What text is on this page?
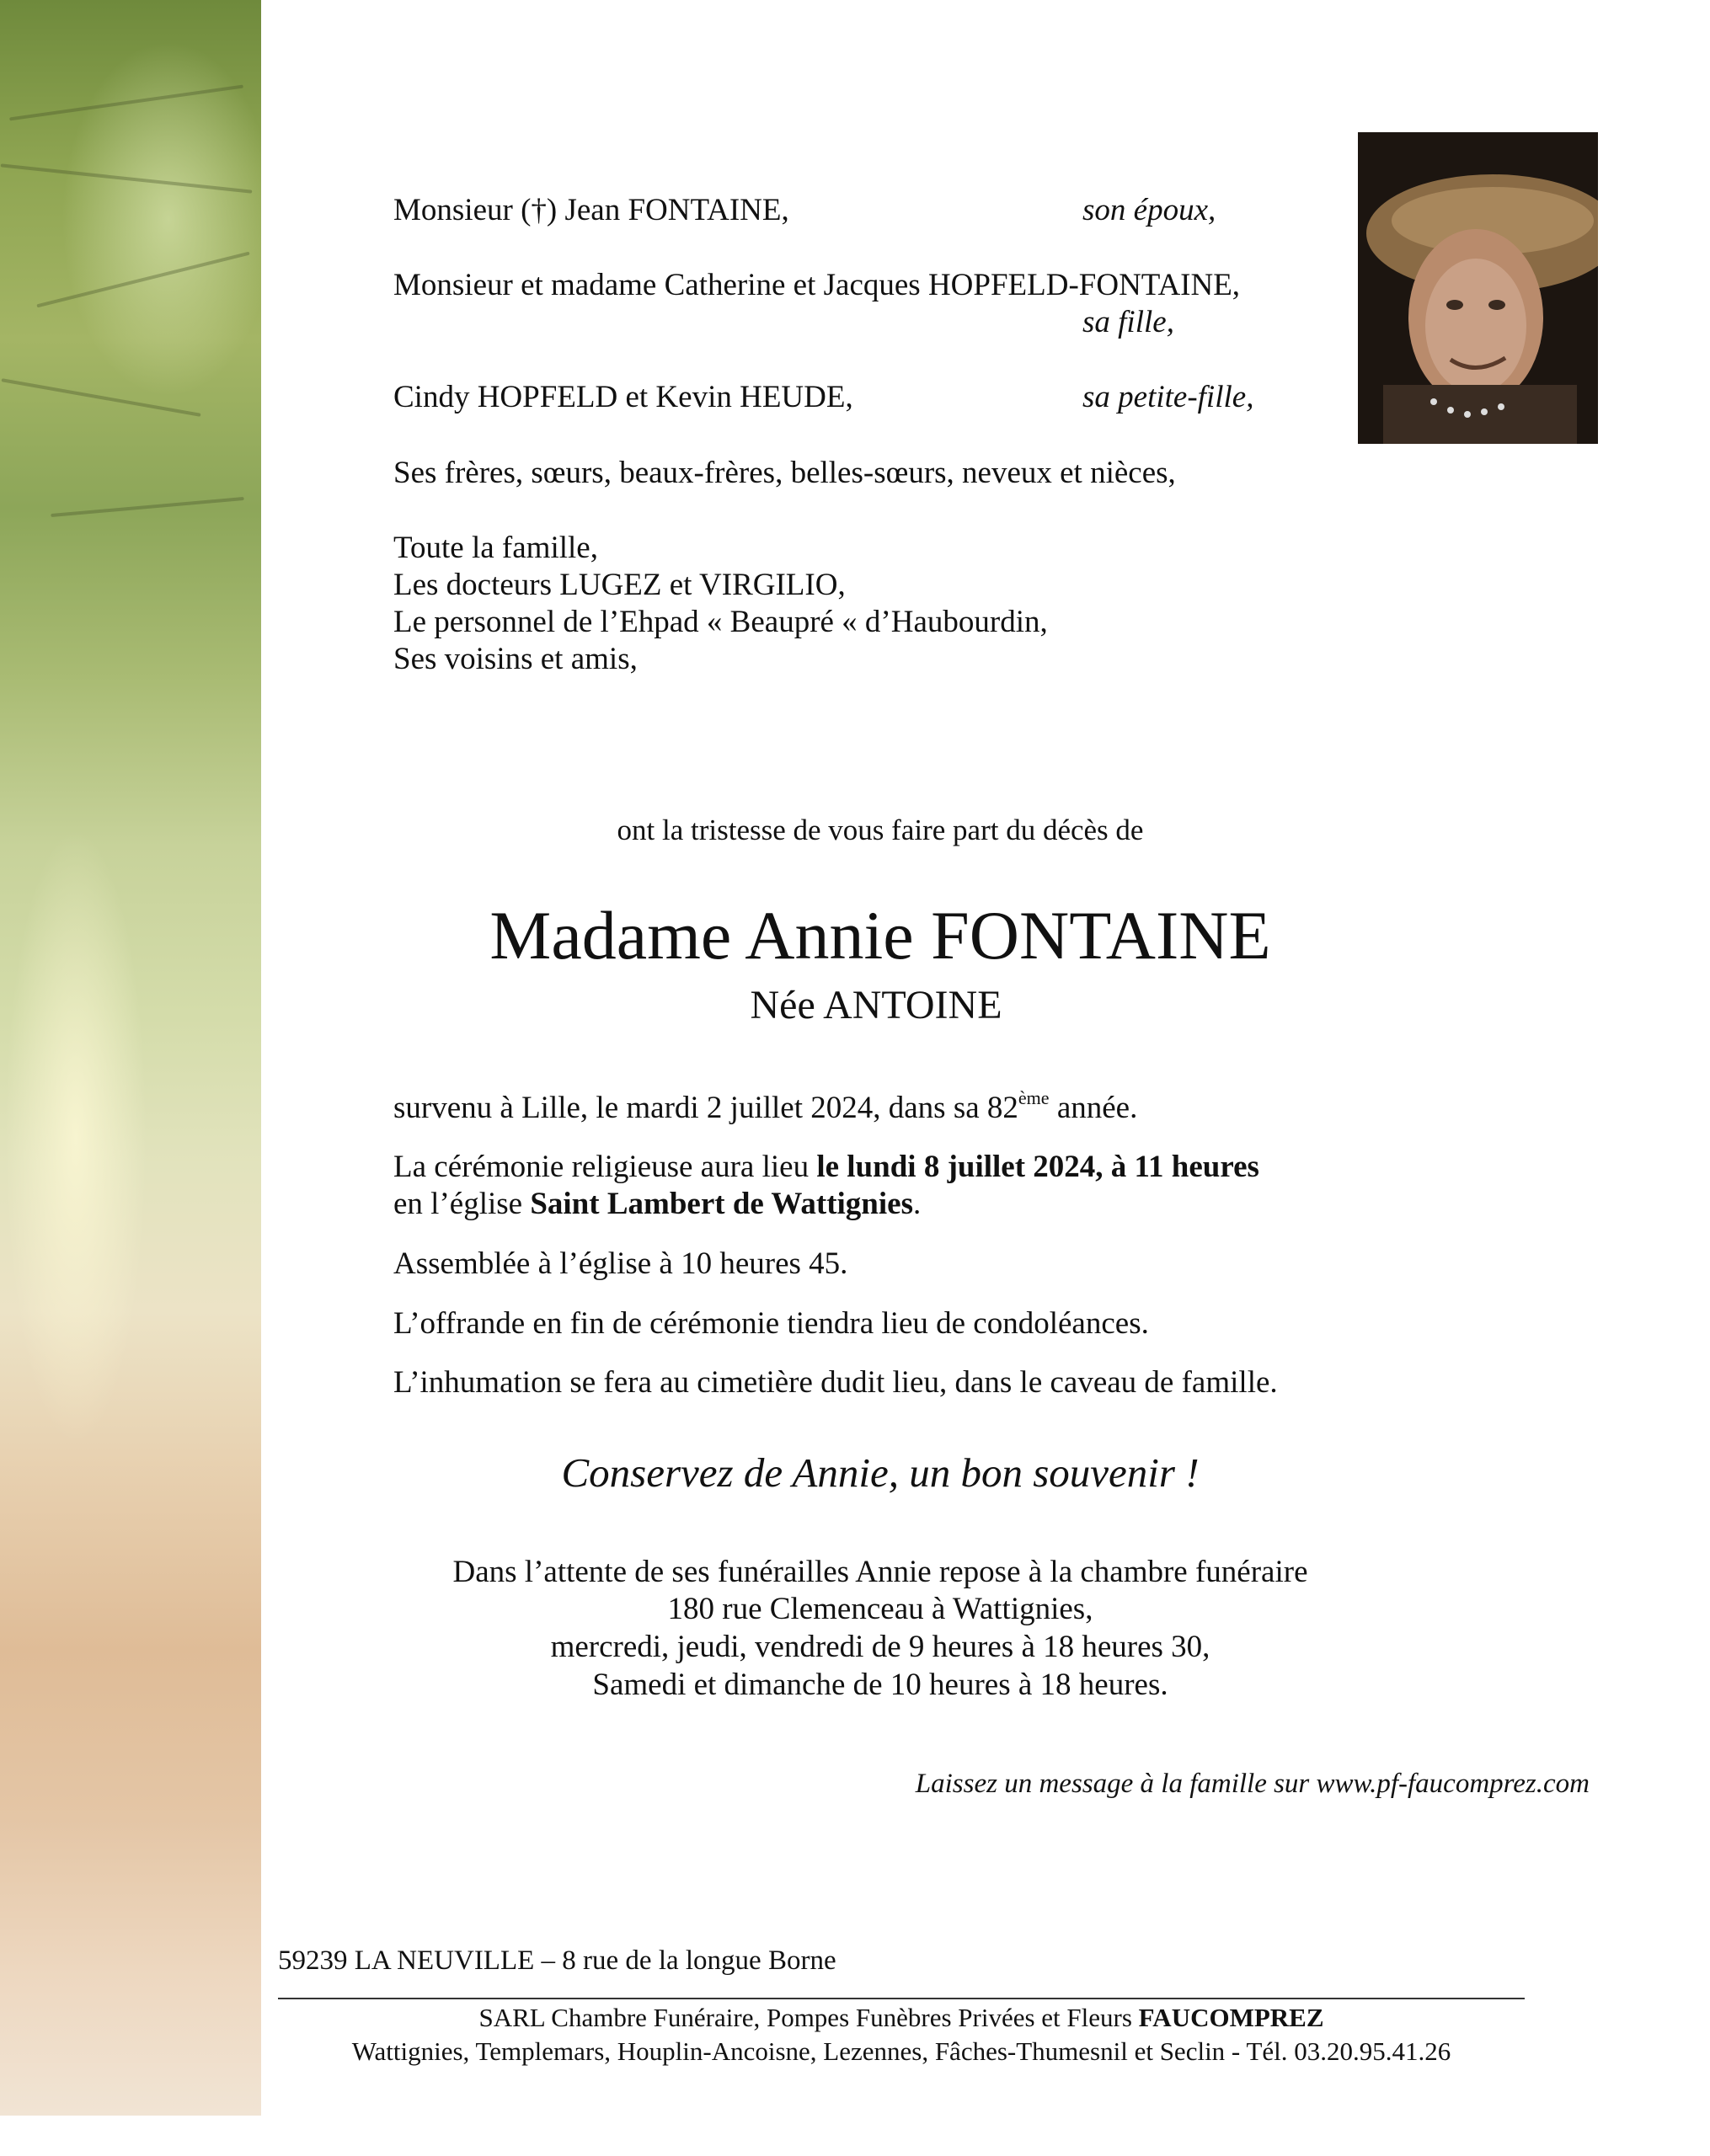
Monsieur (†) Jean FONTAINE,	son époux,
Monsieur et madame Catherine et Jacques HOPFELD-FONTAINE,
sa fille,
Cindy HOPFELD et Kevin HEUDE,	sa petite-fille,
Ses frères, sœurs, beaux-frères, belles-sœurs, neveux et nièces,
Toute la famille,
Les docteurs LUGEZ et VIRGILIO,
Le personnel de l’Ehpad « Beaupré « d’Haubourdin,
Ses voisins et amis,
ont la tristesse de vous faire part du décès de
Madame Annie FONTAINE
Née ANTOINE
survenu à Lille, le mardi 2 juillet 2024, dans sa 82ème année.
La cérémonie religieuse aura lieu le lundi 8 juillet 2024, à 11 heures
en l’église Saint Lambert de Wattignies.
Assemblée à l’église à 10 heures 45.
L’offrande en fin de cérémonie tiendra lieu de condoléances.
L’inhumation se fera au cimetière dudit lieu, dans le caveau de famille.
Conservez de Annie, un bon souvenir !
Dans l’attente de ses funérailles Annie repose à la chambre funéraire
180 rue Clemenceau à Wattignies,
mercredi, jeudi, vendredi de 9 heures à 18 heures 30,
Samedi et dimanche de 10 heures à 18 heures.
Laissez un message à la famille sur www.pf-faucomprez.com
59239 LA NEUVILLE – 8 rue de la longue Borne
SARL Chambre Funéraire, Pompes Funèbres Privées et Fleurs FAUCOMPREZ
Wattignies, Templemars, Houplin-Ancoisne, Lezennes, Fâches-Thumesnil et Seclin - Tél. 03.20.95.41.26
